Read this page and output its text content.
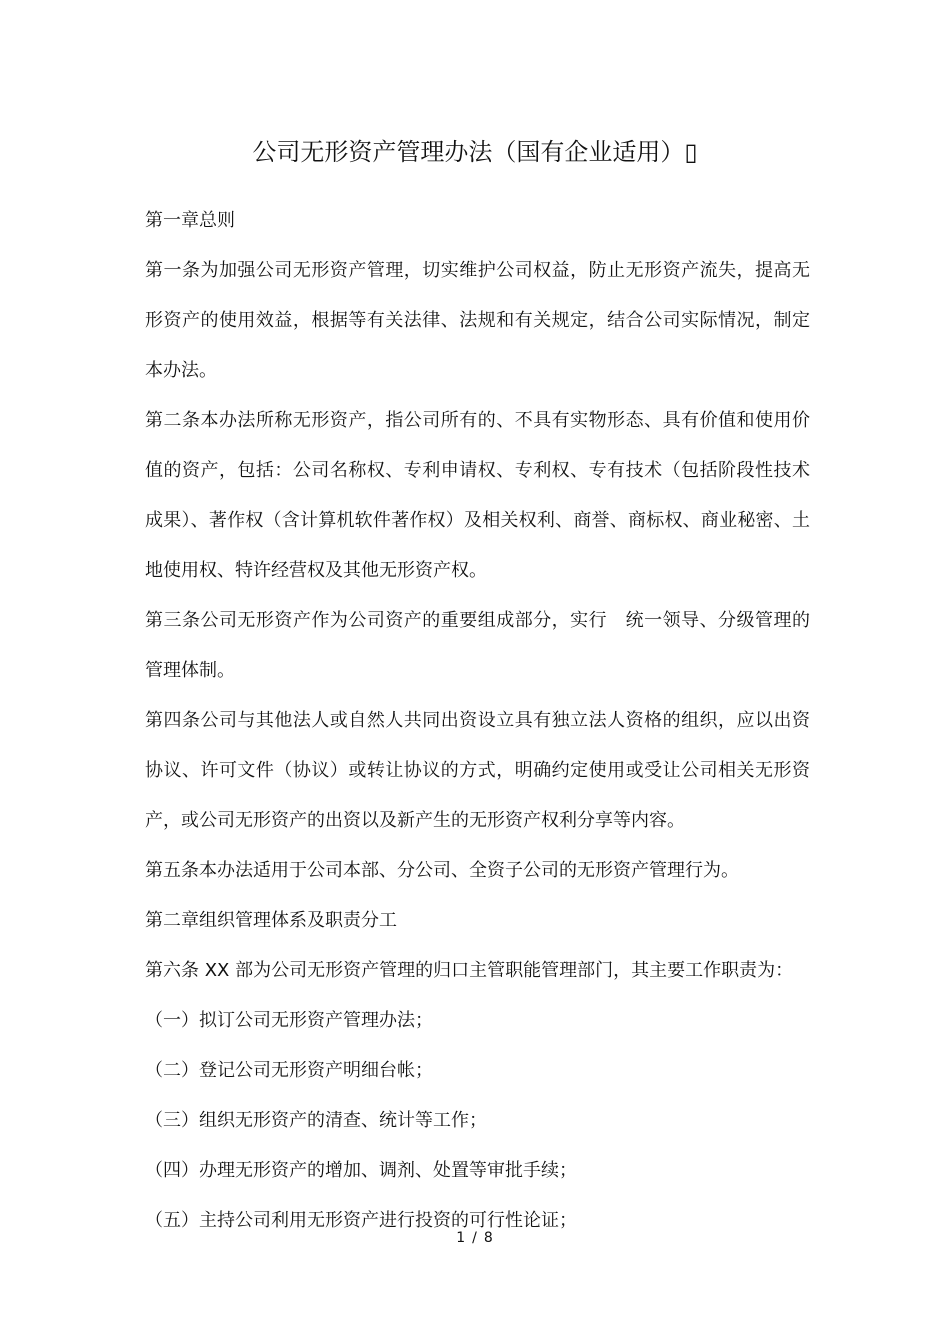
公司无形资产管理办法（国有企业适用）▯

第一章总则

第一条为加强公司无形资产管理，切实维护公司权益，防止无形资产流失，提高无形资产的使用效益，根据等有关法律、法规和有关规定，结合公司实际情况，制定本办法。

第二条本办法所称无形资产，指公司所有的、不具有实物形态、具有价值和使用价值的资产，包括：公司名称权、专利申请权、专利权、专有技术（包括阶段性技术成果）、著作权（含计算机软件著作权）及相关权利、商誉、商标权、商业秘密、土地使用权、特许经营权及其他无形资产权。

第三条公司无形资产作为公司资产的重要组成部分，实行　统一领导、分级管理的管理体制。

第四条公司与其他法人或自然人共同出资设立具有独立法人资格的组织，应以出资协议、许可文件（协议）或转让协议的方式，明确约定使用或受让公司相关无形资产，或公司无形资产的出资以及新产生的无形资产权利分享等内容。

第五条本办法适用于公司本部、分公司、全资子公司的无形资产管理行为。

第二章组织管理体系及职责分工

第六条 XX 部为公司无形资产管理的归口主管职能管理部门，其主要工作职责为：

（一）拟订公司无形资产管理办法；

（二）登记公司无形资产明细台帐；

（三）组织无形资产的清查、统计等工作；

（四）办理无形资产的增加、调剂、处置等审批手续；

（五）主持公司利用无形资产进行投资的可行性论证；

1 / 8
